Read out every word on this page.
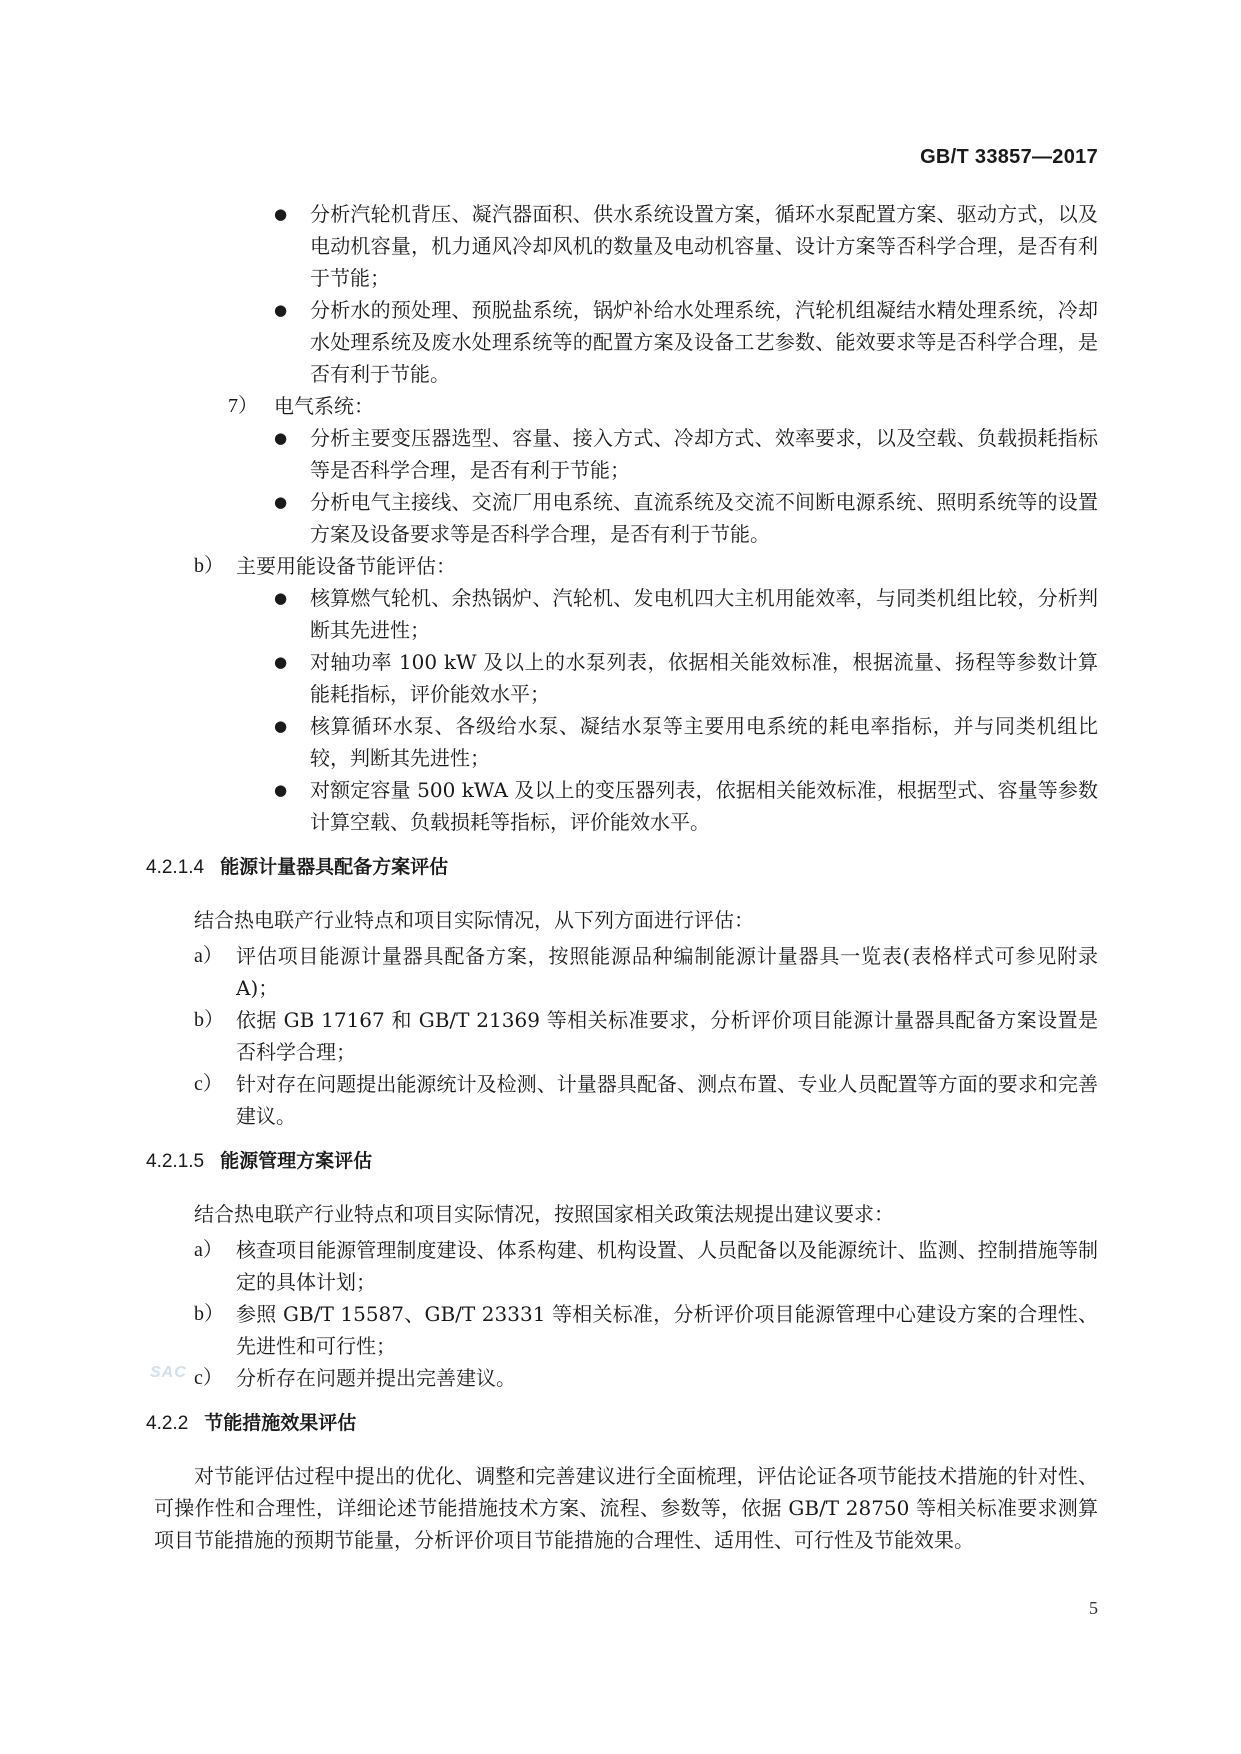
GB/T 33857—2017
●	分析汽轮机背压、凝汽器面积、供水系统设置方案，循环水泵配置方案、驱动方式，以及电动机容量，机力通风冷却风机的数量及电动机容量、设计方案等否科学合理，是否有利于节能；
●	分析水的预处理、预脱盐系统，锅炉补给水处理系统，汽轮机组凝结水精处理系统，冷却水处理系统及废水处理系统等的配置方案及设备工艺参数、能效要求等是否科学合理，是否有利于节能。
7） 电气系统：
●	分析主要变压器选型、容量、接入方式、冷却方式、效率要求，以及空载、负载损耗指标等是否科学合理，是否有利于节能；
●	分析电气主接线、交流厂用电系统、直流系统及交流不间断电源系统、照明系统等的设置方案及设备要求等是否科学合理，是否有利于节能。
b） 主要用能设备节能评估：
●	核算燃气轮机、余热锅炉、汽轮机、发电机四大主机用能效率，与同类机组比较，分析判断其先进性；
●	对轴功率 100 kW 及以上的水泵列表，依据相关能效标准，根据流量、扬程等参数计算能耗指标，评价能效水平；
●	核算循环水泵、各级给水泵、凝结水泵等主要用电系统的耗电率指标，并与同类机组比较，判断其先进性；
●	对额定容量 500 kWA 及以上的变压器列表，依据相关能效标准，根据型式、容量等参数计算空载、负载损耗等指标，评价能效水平。
4.2.1.4 能源计量器具配备方案评估
结合热电联产行业特点和项目实际情况，从下列方面进行评估：
a） 评估项目能源计量器具配备方案，按照能源品种编制能源计量器具一览表(表格样式可参见附录 A)；
b） 依据 GB 17167 和 GB/T 21369 等相关标准要求，分析评价项目能源计量器具配备方案设置是否科学合理；
c） 针对存在问题提出能源统计及检测、计量器具配备、测点布置、专业人员配置等方面的要求和完善建议。
4.2.1.5 能源管理方案评估
结合热电联产行业特点和项目实际情况，按照国家相关政策法规提出建议要求：
a） 核查项目能源管理制度建设、体系构建、机构设置、人员配备以及能源统计、监测、控制措施等制定的具体计划；
b） 参照 GB/T 15587、GB/T 23331 等相关标准，分析评价项目能源管理中心建设方案的合理性、先进性和可行性；
c） 分析存在问题并提出完善建议。
4.2.2 节能措施效果评估
对节能评估过程中提出的优化、调整和完善建议进行全面梳理，评估论证各项节能技术措施的针对性、可操作性和合理性，详细论述节能措施技术方案、流程、参数等，依据 GB/T 28750 等相关标准要求测算项目节能措施的预期节能量，分析评价项目节能措施的合理性、适用性、可行性及节能效果。
SAC
5
